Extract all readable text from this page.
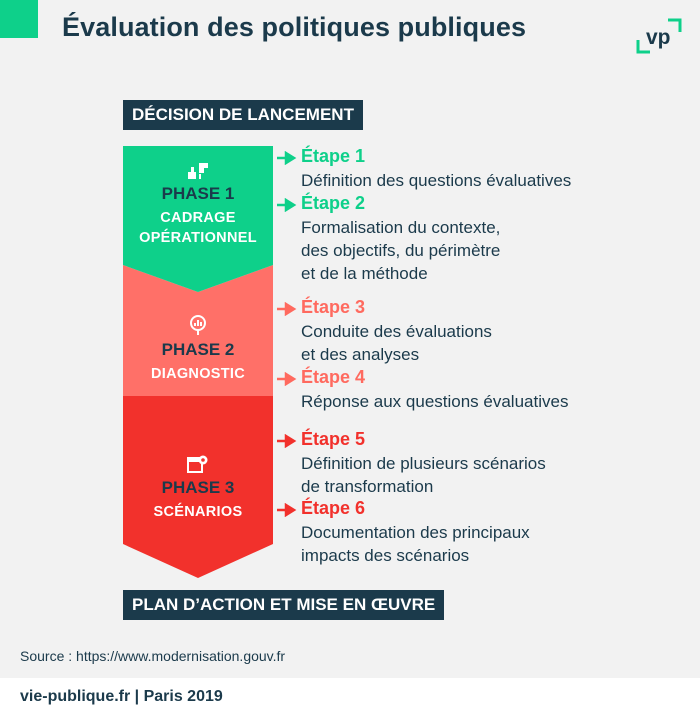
Évaluation des politiques publiques	vp
DÉCISION DE LANCEMENT
PHASE 1
CADRAGE
OPÉRATIONNEL
PHASE 2
DIAGNOSTIC
PHASE 3
SCÉNARIOS
Étape 1
Définition des questions évaluatives
Étape 2
Formalisation du contexte,
des objectifs, du périmètre
et de la méthode
Étape 3
Conduite des évaluations
et des analyses
Étape 4
Réponse aux questions évaluatives
Étape 5
Définition de plusieurs scénarios
de transformation
Étape 6
Documentation des principaux
impacts des scénarios
PLAN D’ACTION ET MISE EN ŒUVRE
Source : https://www.modernisation.gouv.fr
vie-publique.fr | Paris 2019
